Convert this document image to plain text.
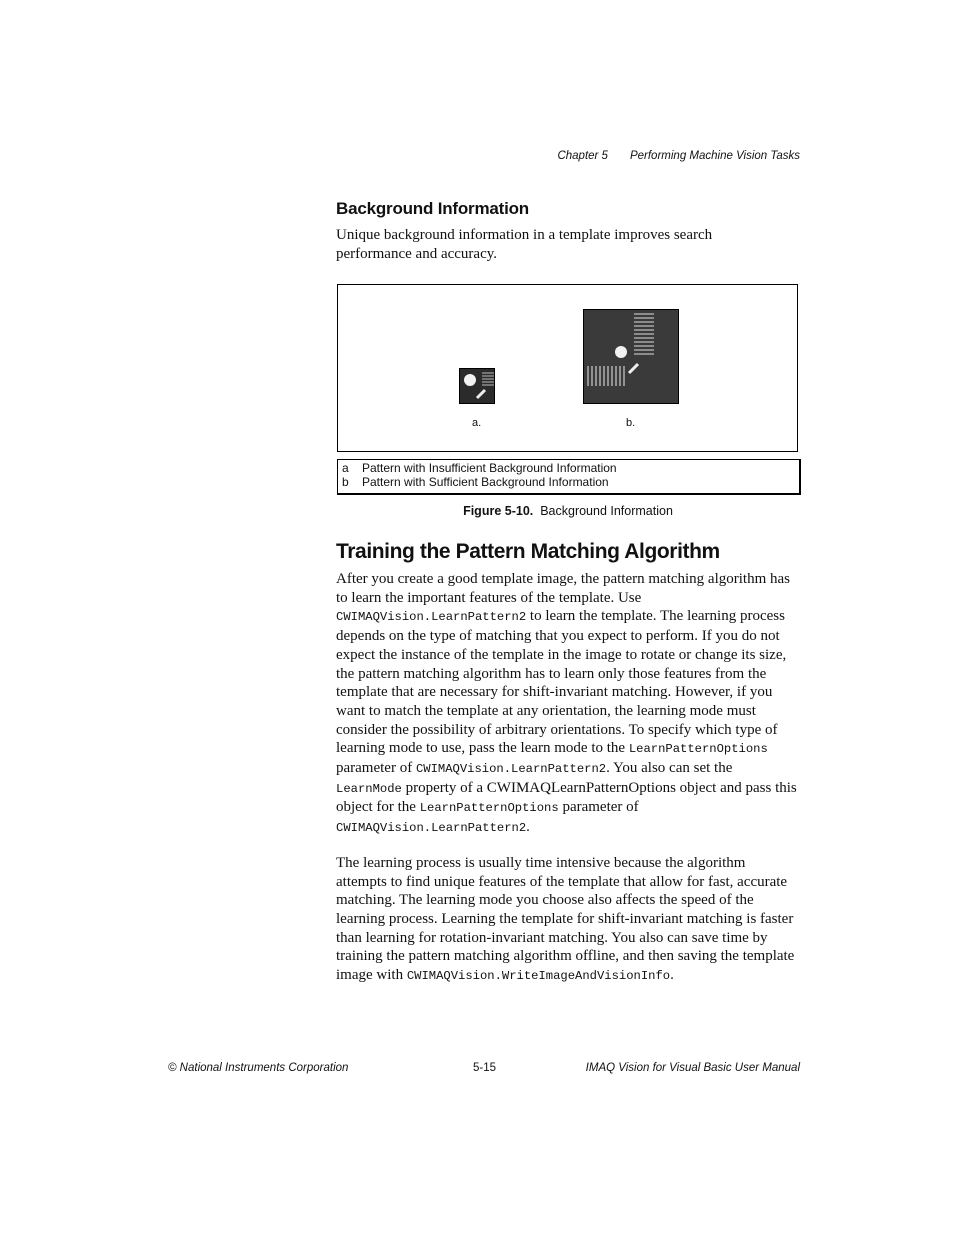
Chapter 5 Performing Machine Vision Tasks
Background Information

Unique background information in a template improves search performance and accuracy.

a.	b.
a Pattern with Insufficient Background Information
b Pattern with Sufficient Background Information
Figure 5-10. Background Information
Training the Pattern Matching Algorithm

After you create a good template image, the pattern matching algorithm has to learn the important features of the template. Use CWIMAQVision.LearnPattern2 to learn the template. The learning process depends on the type of matching that you expect to perform. If you do not expect the instance of the template in the image to rotate or change its size, the pattern matching algorithm has to learn only those features from the template that are necessary for shift-invariant matching. However, if you want to match the template at any orientation, the learning mode must consider the possibility of arbitrary orientations. To specify which type of learning mode to use, pass the learn mode to the LearnPatternOptions parameter of CWIMAQVision.LearnPattern2. You also can set the LearnMode property of a CWIMAQLearnPatternOptions object and pass this object for the LearnPatternOptions parameter of CWIMAQVision.LearnPattern2.

The learning process is usually time intensive because the algorithm attempts to find unique features of the template that allow for fast, accurate matching. The learning mode you choose also affects the speed of the learning process. Learning the template for shift-invariant matching is faster than learning for rotation-invariant matching. You also can save time by training the pattern matching algorithm offline, and then saving the template image with CWIMAQVision.WriteImageAndVisionInfo.

© National Instruments Corporation	5-15	IMAQ Vision for Visual Basic User Manual
